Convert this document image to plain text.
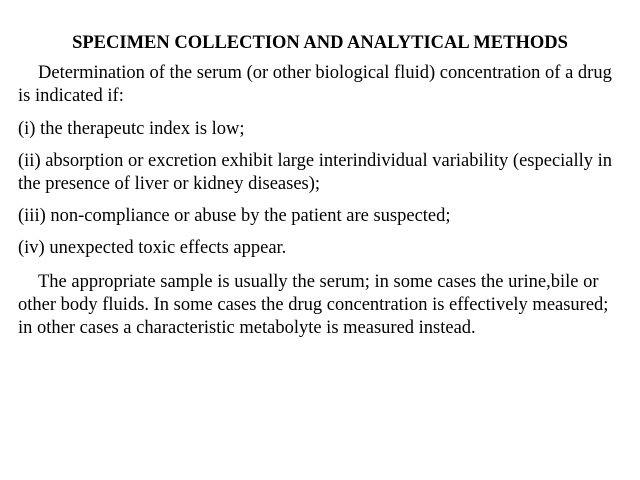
SPECIMEN COLLECTION AND ANALYTICAL METHODS

Determination of the serum (or other biological fluid) concentration of a drug is indicated if:

(i) the therapeutc index is low;

(ii) absorption or excretion exhibit large interindividual variability (especially in the presence of liver or kidney diseases);

(iii) non-compliance or abuse by the patient are suspected;

(iv) unexpected toxic effects appear.

The appropriate sample is usually the serum; in some cases the urine,bile or other body fluids. In some cases the drug concentration is effectively measured; in other cases a characteristic metabolyte is measured instead.
